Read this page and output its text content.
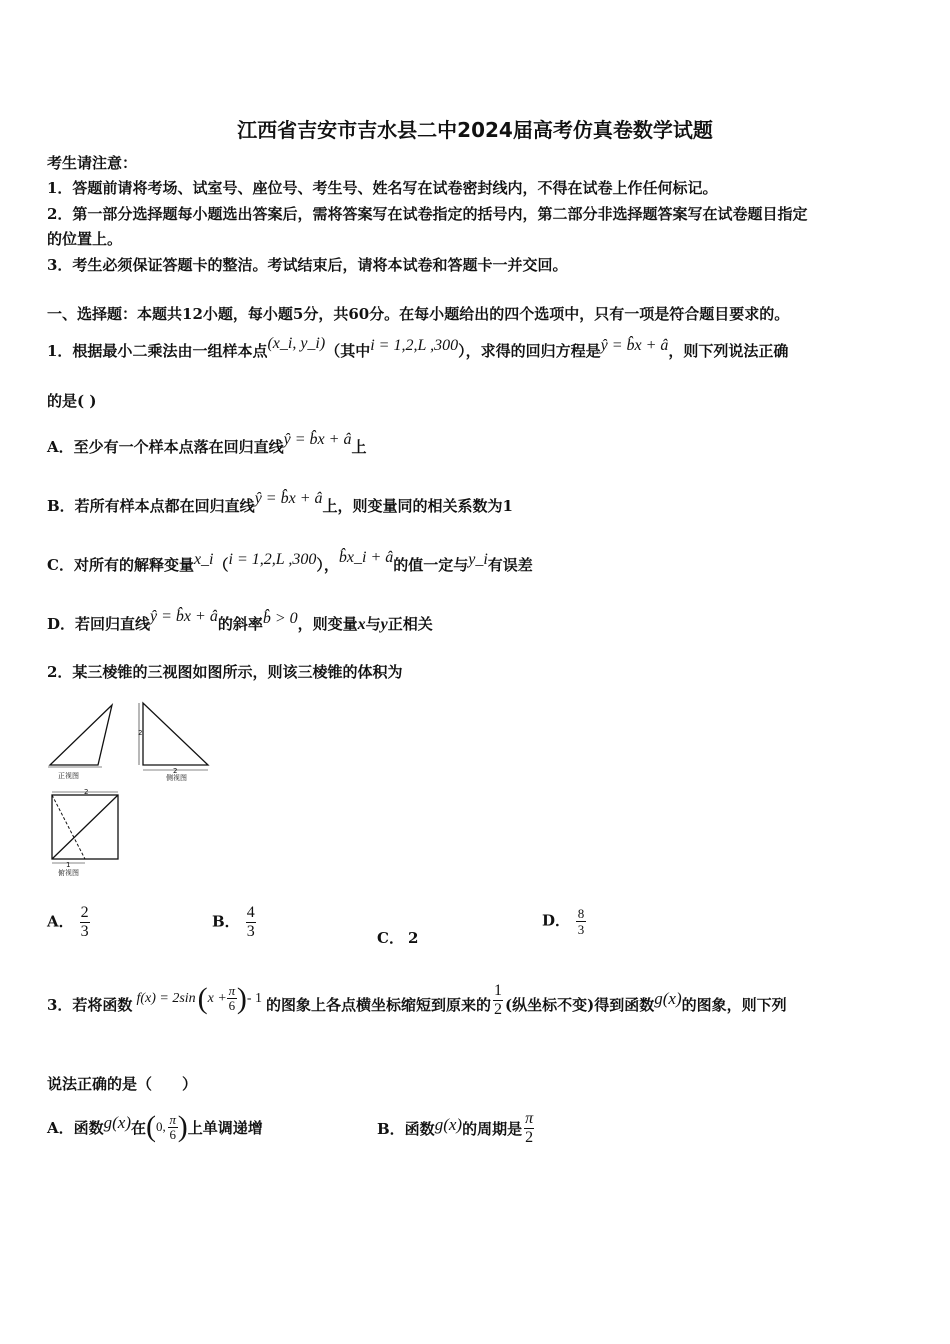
江西省吉安市吉水县二中2024届高考仿真卷数学试题
考生请注意：
1．答题前请将考场、试室号、座位号、考生号、姓名写在试卷密封线内，不得在试卷上作任何标记。
2．第一部分选择题每小题选出答案后，需将答案写在试卷指定的括号内，第二部分非选择题答案写在试卷题目指定
的位置上。
3．考生必须保证答题卡的整洁。考试结束后，请将本试卷和答题卡一并交回。
一、选择题：本题共12小题，每小题5分，共60分。在每小题给出的四个选项中，只有一项是符合题目要求的。
1．根据最小二乘法由一组样本点(x_i, y_i)（其中i = 1,2,L ,300），求得的回归方程是ŷ = b̂x + â，则下列说法正确
的是( )
A．至少有一个样本点落在回归直线ŷ = b̂x + â上
B．若所有样本点都在回归直线ŷ = b̂x + â上，则变量同的相关系数为1
C．对所有的解释变量x_i（i = 1,2,L ,300），b̂x_i + â的值一定与y_i有误差
D．若回归直线ŷ = b̂x + â的斜率b̂ > 0，则变量x与y正相关
2．某三棱锥的三视图如图所示，则该三棱锥的体积为
正视图
2
2
侧视图
2
1
俯视图
A． $\frac{2}{3}$	B． $\frac{4}{3}$	C． 2
D． $\frac{8}{3}$
3．若将函数 f(x) = 2sin ( $x + \frac{\pi}{6}$ ) - 1 的图象上各点横坐标缩短到原来的 $\frac{1}{2}$ (纵坐标不变)得到函数 g(x) 的图象，则下列
说法正确的是（　　）
A．函数 g(x) 在 ( 0, $\frac{\pi}{6}$ ) 上单调递增	B．函数 g(x) 的周期是 $\frac{\pi}{2}$
